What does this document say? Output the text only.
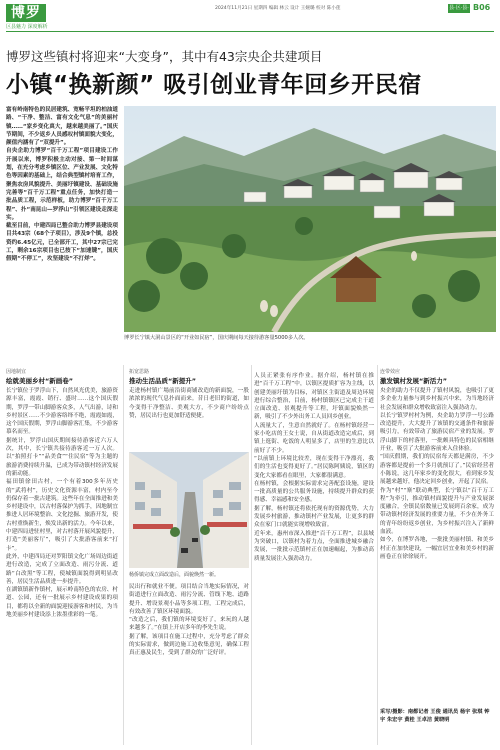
博罗
区县魅力 深度解析
2024年11月21日 星期四 编辑 林云 设计 王婉璐 校对 陈小莲	县·区·县·读
B06
博罗这些镇村将迎来“大变身”，其中有43宗央企共建项目
小镇“换新颜” 吸引创业青年回乡开民宿

富有岭南特色的民居建筑、宽畅平坦的柏油道路、“干净、整洁、富有文化气息”的美丽村镇……“家乡变化真大，越来越美丽了。”国庆节期间，不少返乡人员感叹村镇面貌大变化，颜值内涵有了“双提升”。

自央企助力博罗“百千万工程”项目建设工作开展以来，博罗积极主动对接、第一时间谋划，在充分考虑乡镇区位、产业发展、文化特色等因素的基础上，结合典型镇村培育工作，聚焦农房风貌提升、美丽圩镇建设、基础设施完善等“百千万工程”重点任务，加快打造一批品质工程，示范样板，助力博罗“百千万工程”、扑“南昆山—罗浮山”引领区建设走深走实。

截至目前，中建四局已整合助力博罗县建设项目共43宗（68个子项目），涉及9个镇，总投资约6.45亿元，已全部开工，其中27宗已完工，剩余16宗项目也已按下“加速键”，国庆假期“不停工”，攻坚建设“不打烊”。

博罗长宁镇大洞山景区的“开业如民宿”，国庆期间每天接待游客量5000多人次。
因地制宜
绘就美丽乡村“新画卷”

长宁镇位于罗浮山下，自然风光优美，旅游资源丰富，霞霞、销行、盛时……这个国庆假期，罗浮一带山脚游客众多，人气出游，诗和乡村景区……不少游客络绎不绝，霞霞如霞，这个国庆假期，罗浮山脚游客汇集，不少游客慕名而至。

据统计，罗浮山国庆期间接待游客近六万人次，其中，长宁镇共接待游客近一万人次。以“拍照打卡”“品美食”“住民宿”等为主题的旅游消费持续升温，已成为带动镇村经济发展的新动能。

福田镇徐田古村，一个有着300多年历史的“武将村”，历史文化资源丰富，村内至今仍保存着一批古建筑。这些年在全面推进和美乡村建设中，以古村落保护为抓手，因地制宜推进人居环境整治、文化挖掘、旅游开发，使古村重焕新生，焕发出新的活力。今年以来，中建四局进驻村里，对古村落开展风貌提升，打造“美丽客厅”，吸引了大批游客前来“打卡”。

此外，中建四局还对罗阳镇文化广场周边街道进行改造，完成了立面改造、雨污分流、道路“白改黑”等工程，使城镇面貌得到明显改善，居民生活品质进一步提升。

在湖镇镇新作镇村，展示岭南特色的农房、村道、公园，还有一批展示乡村建设成果的项目，都将以全新的面貌迎接游客和村民，为当地美丽乡村建设添上浓墨重彩的一笔。

拓宽思路
推动生活品质“新提升”

走进杨村镇广場前沿街商铺改造的新面貌，一股浓浓的现代气息扑面而来。昔日老旧的街道，如今变得干净整洁、美观大方，不少商户纷纷点赞，居民出行也更加舒适便捷。

杨侨镇完成立面改造后，面貌焕然一新。

民出行和就业不便。项目结合当地实际情况，对街道进行立面改造、雨污分流、管线下地、道路提升、增设景观小品等多项工程，工程完成后，有效改善了镇区环境面貌。

“改造之后，我们镇的环境变好了，来玩的人越来越多了。”在镇上开店多年的李先生说。

据了解，该项目在施工过程中，充分考虑了群众的实际需求，做到边施工边收集意见，确保工程真正惠及民生，受到了群众的广泛好评。

人员正紧张有序作业。据介绍，杨村镇在推进“百千万工程”中，以镇区提质扩容为主线，以创建美丽圩镇为目标，对镇区主街道及周边环境进行综合整治，目前，杨村镇镇区已完成主干道立面改造、景观提升等工程，圩镇面貌焕然一新，吸引了不少外出务工人员回乡创业。

人流量大了，生意自然就好了。在杨村镇经营一家小吃店的王女士说，自从街道改造完成后，到镇上逛街、吃饭的人明显多了，店里的生意比以前好了不少。

“以前镇上环境比较差，现在变得干净漂亮，我们的生活也变得更好了。”居民陈阿姨说，镇区的变化大家都看在眼里，大家都很满意。

在杨村镇，会根据实际需求完善配套设施，建设一批高质量的公共服务设施，持续提升群众的获得感、幸福感和安全感。

据了解，杨村镇还将依托现有的资源优势，大力发展乡村旅游，推动镇村产业发展，让更多的群众在家门口就能实现增收致富。

近年来，惠州市深入推进“百千万工程”，以县域为突破口，以镇村为着力点，全面推进城乡融合发展，一批批示范镇村正在加速崛起，为推动高质量发展注入强劲动力。

连带效应
激发镇村发展“新活力”

央企的助力不仅提升了镇村风貌，也吸引了更多企业力量参与到乡村振兴中来，为当地经济社会发展和群众增收致富注入强劲动力。

以长宁镇罗村村为例，央企助力罗浮一号公路改造提升，大大提升了该镇的交通条件和旅游吸引力，有效带动了旅游民宿产业的发展。罗浮山脚下的村落里，一批颇具特色的民宿相继开业，吸引了大批游客前来入住体验。

“国庆假期，我们的民宿每天都是满房，不少游客都是提前一个多月就预订了。”民宿经营者小陈说，这几年家乡的变化很大，看到家乡发展越来越好，他决定回乡创业，开起了民宿。

作为“村”“寨”联动典型，长宁镇以“百千万工程”为牵引，推动镇村面貌提升与产业发展深度融合，全镇民宿数量已发展到百余家，成为带动镇村经济发展的重要力量，不少在外务工的青年纷纷返乡创业，为乡村振兴注入了新鲜血液。

如今，在博罗各地，一批批美丽村镇、和美乡村正在加快建设，一幅宜居宜业和美乡村的新画卷正在徐徐展开。

采写/摄影：南都记者 王俊 通讯员 杨宇 张琪 钟宇 朱宏宇 黄桂 王卓洁 黄晓明
